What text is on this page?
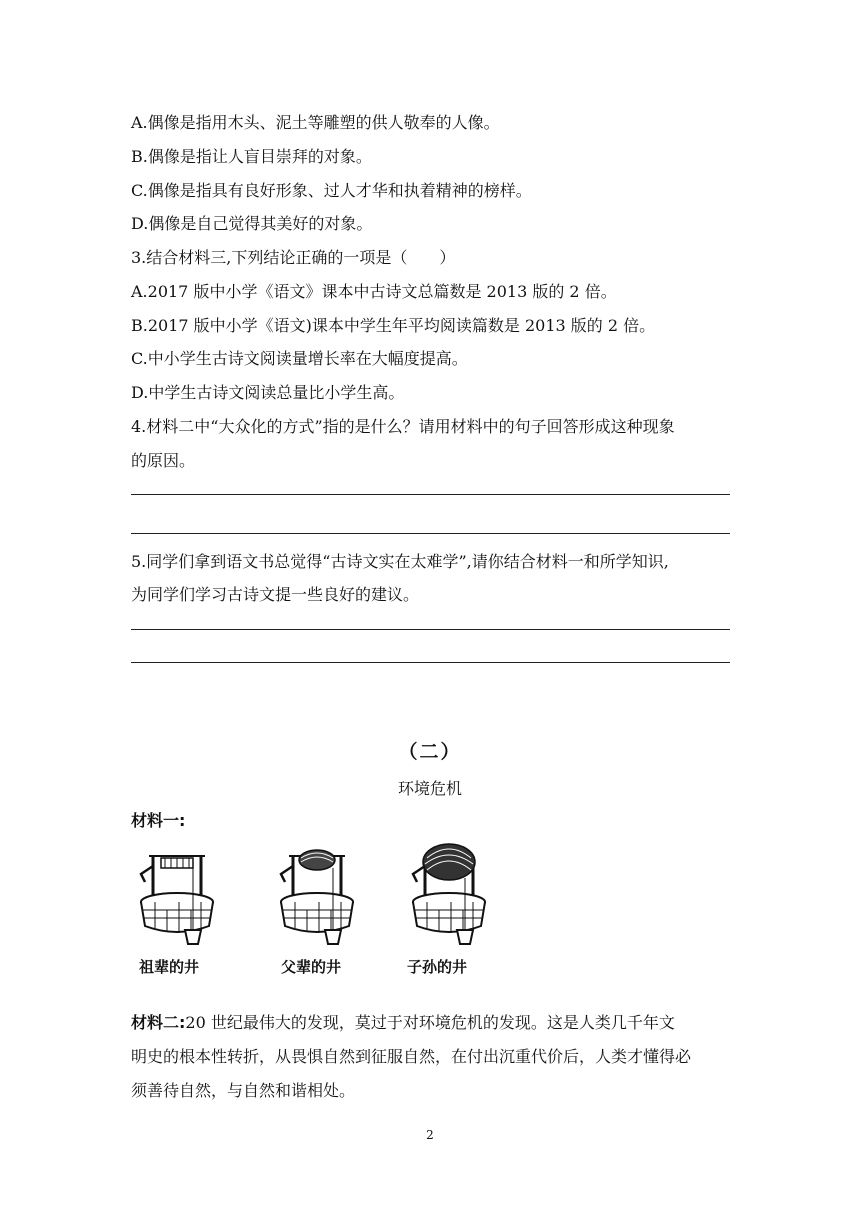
A.偶像是指用木头、泥土等雕塑的供人敬奉的人像。
B.偶像是指让人盲目崇拜的对象。
C.偶像是指具有良好形象、过人才华和执着精神的榜样。
D.偶像是自己觉得其美好的对象。
3.结合材料三,下列结论正确的一项是（　　）
A.2017 版中小学《语文》课本中古诗文总篇数是 2013 版的 2 倍。
B.2017 版中小学《语文)课本中学生年平均阅读篇数是 2013 版的 2 倍。
C.中小学生古诗文阅读量增长率在大幅度提高。
D.中学生古诗文阅读总量比小学生高。
4.材料二中“大众化的方式”指的是什么？请用材料中的句子回答形成这种现象
的原因。
5.同学们拿到语文书总觉得“古诗文实在太难学”,请你结合材料一和所学知识,
为同学们学习古诗文提一些良好的建议。
（二）
环境危机
材料一:
祖辈的井	父辈的井	子孙的井
材料二:20 世纪最伟大的发现，莫过于对环境危机的发现。这是人类几千年文
明史的根本性转折，从畏惧自然到征服自然，在付出沉重代价后，人类才懂得必
须善待自然，与自然和谐相处。
2
